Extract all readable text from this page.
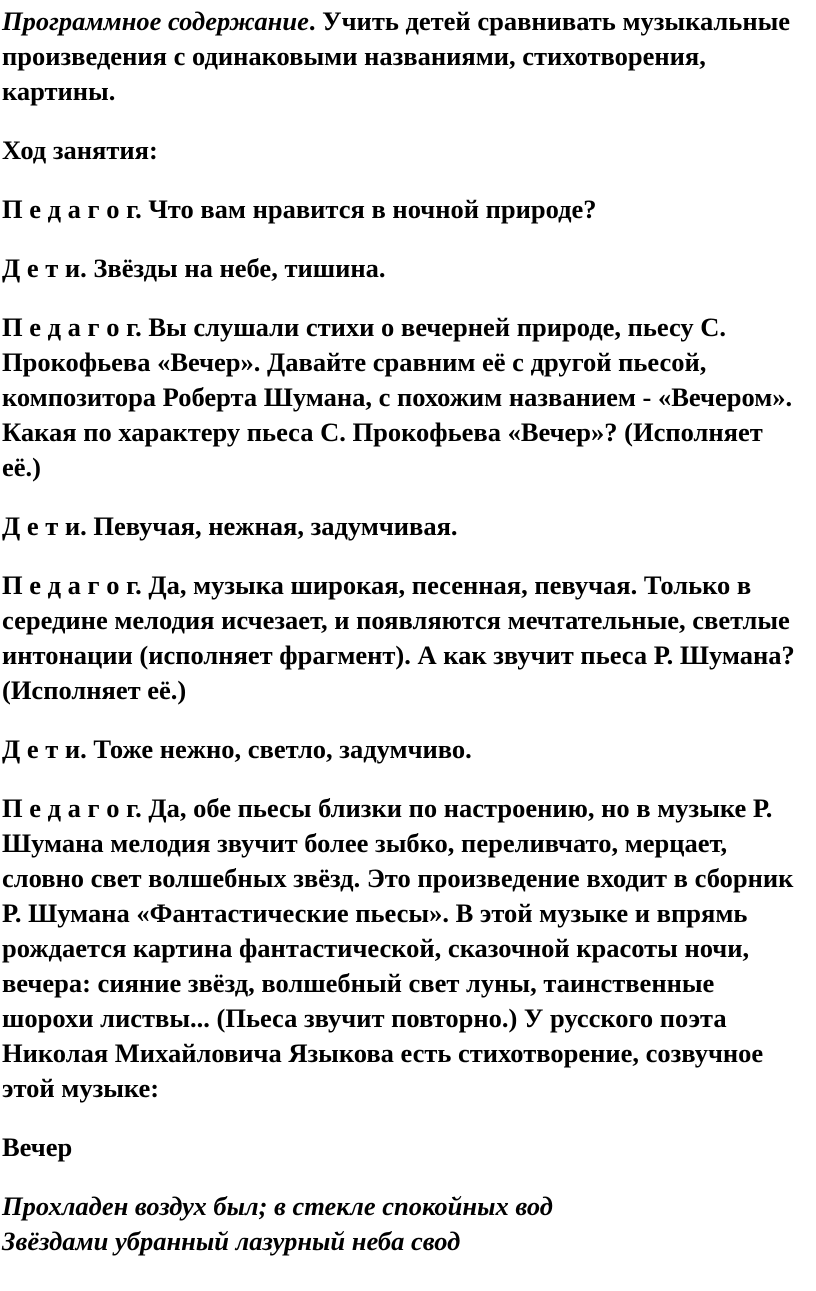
Программное содержание. Учить детей сравнивать музыкальные произведения с одинаковыми названиями, стихотворения, картины.

Ход занятия:

П е д а г о г. Что вам нравится в ночной природе?

Д е т и. Звёзды на небе, тишина.

П е д а г о г. Вы слушали стихи о вечерней природе, пьесу С. Прокофьева «Вечер». Давайте сравним её с другой пьесой, композитора Роберта Шумана, с похожим названием - «Вечером». Какая по характеру пьеса С. Прокофьева «Вечер»? (Исполняет её.)

Д е т и. Певучая, нежная, задумчивая.

П е д а г о г. Да, музыка широкая, песенная, певучая. Только в середине мелодия исчезает, и появляются мечтательные, светлые интонации (исполняет фрагмент). А как звучит пьеса Р. Шумана? (Исполняет её.)

Д е т и. Тоже нежно, светло, задумчиво.

П е д а г о г. Да, обе пьесы близки по настроению, но в музыке Р. Шумана мелодия звучит более зыбко, переливчато, мерцает, словно свет волшебных звёзд. Это произведение входит в сборник Р. Шумана «Фантастические пьесы». В этой музыке и впрямь рождается картина фантастической, сказочной красоты ночи, вечера: сияние звёзд, волшебный свет луны, таинственные шорохи листвы... (Пьеса звучит повторно.) У русского поэта Николая Михайловича Языкова есть стихотворение, созвучное этой музыке:

Вечер

Прохладен воздух был; в стекле спокойных вод
Звёздами убранный лазурный неба свод
